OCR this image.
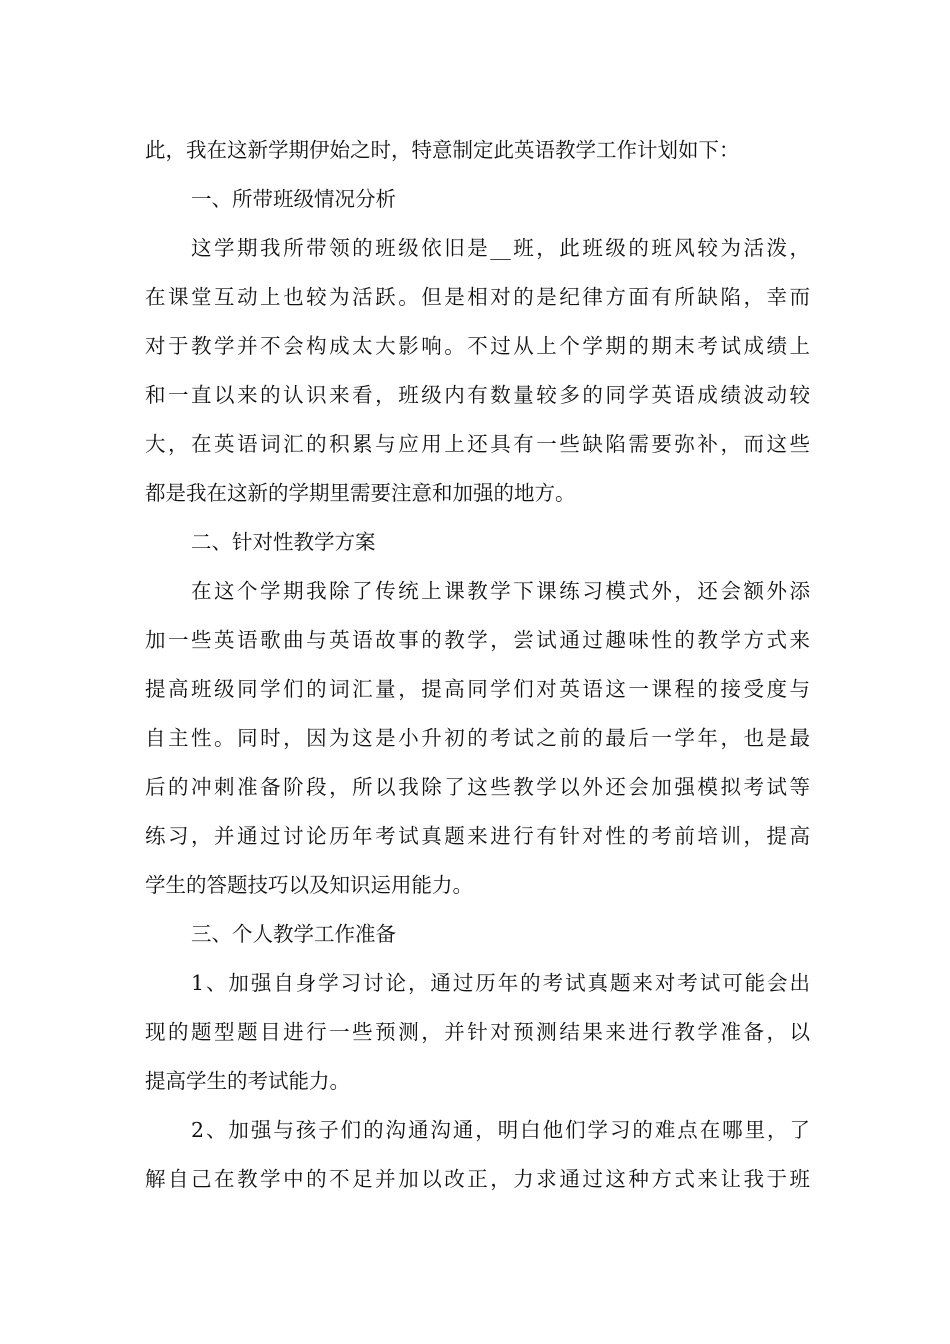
此，我在这新学期伊始之时，特意制定此英语教学工作计划如下：
一、所带班级情况分析
这学期我所带领的班级依旧是__班，此班级的班风较为活泼，
在课堂互动上也较为活跃。但是相对的是纪律方面有所缺陷，幸而
对于教学并不会构成太大影响。不过从上个学期的期末考试成绩上
和一直以来的认识来看，班级内有数量较多的同学英语成绩波动较
大，在英语词汇的积累与应用上还具有一些缺陷需要弥补，而这些
都是我在这新的学期里需要注意和加强的地方。
二、针对性教学方案
在这个学期我除了传统上课教学下课练习模式外，还会额外添
加一些英语歌曲与英语故事的教学，尝试通过趣味性的教学方式来
提高班级同学们的词汇量，提高同学们对英语这一课程的接受度与
自主性。同时，因为这是小升初的考试之前的最后一学年，也是最
后的冲刺准备阶段，所以我除了这些教学以外还会加强模拟考试等
练习，并通过讨论历年考试真题来进行有针对性的考前培训，提高
学生的答题技巧以及知识运用能力。
三、个人教学工作准备
1、加强自身学习讨论，通过历年的考试真题来对考试可能会出
现的题型题目进行一些预测，并针对预测结果来进行教学准备，以
提高学生的考试能力。
2、加强与孩子们的沟通沟通，明白他们学习的难点在哪里，了
解自己在教学中的不足并加以改正，力求通过这种方式来让我于班
